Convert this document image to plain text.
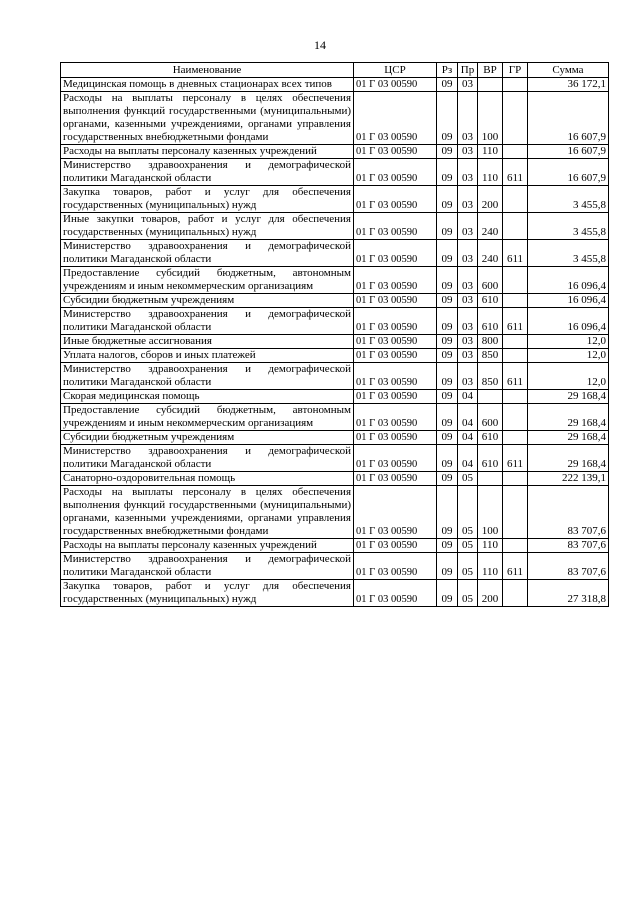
14
Наименование	ЦСР	Рз	Пр	ВР	ГР	Сумма
Медицинская помощь в дневных стационарах всех типов	01 Г 03 00590	09	03			36 172,1
Расходы на выплаты персоналу в целях обеспечения выполнения функций государственными (муниципальными) органами, казенными учреждениями, органами управления государственных внебюджетными фондами	01 Г 03 00590	09	03	100		16 607,9
Расходы на выплаты персоналу казенных учреждений	01 Г 03 00590	09	03	110		16 607,9
Министерство здравоохранения и демографической политики Магаданской области	01 Г 03 00590	09	03	110	611	16 607,9
Закупка товаров, работ и услуг для обеспечения государственных (муниципальных) нужд	01 Г 03 00590	09	03	200		3 455,8
Иные закупки товаров, работ и услуг для обеспечения государственных (муниципальных) нужд	01 Г 03 00590	09	03	240		3 455,8
Министерство здравоохранения и демографической политики Магаданской области	01 Г 03 00590	09	03	240	611	3 455,8
Предоставление субсидий бюджетным, автономным учреждениям и иным некоммерческим организациям	01 Г 03 00590	09	03	600		16 096,4
Субсидии бюджетным учреждениям	01 Г 03 00590	09	03	610		16 096,4
Министерство здравоохранения и демографической политики Магаданской области	01 Г 03 00590	09	03	610	611	16 096,4
Иные бюджетные ассигнования	01 Г 03 00590	09	03	800		12,0
Уплата налогов, сборов и иных платежей	01 Г 03 00590	09	03	850		12,0
Министерство здравоохранения и демографической политики Магаданской области	01 Г 03 00590	09	03	850	611	12,0
Скорая медицинская помощь	01 Г 03 00590	09	04			29 168,4
Предоставление субсидий бюджетным, автономным учреждениям и иным некоммерческим организациям	01 Г 03 00590	09	04	600		29 168,4
Субсидии бюджетным учреждениям	01 Г 03 00590	09	04	610		29 168,4
Министерство здравоохранения и демографической политики Магаданской области	01 Г 03 00590	09	04	610	611	29 168,4
Санаторно-оздоровительная помощь	01 Г 03 00590	09	05			222 139,1
Расходы на выплаты персоналу в целях обеспечения выполнения функций государственными (муниципальными) органами, казенными учреждениями, органами управления государственных внебюджетными фондами	01 Г 03 00590	09	05	100		83 707,6
Расходы на выплаты персоналу казенных учреждений	01 Г 03 00590	09	05	110		83 707,6
Министерство здравоохранения и демографической политики Магаданской области	01 Г 03 00590	09	05	110	611	83 707,6
Закупка товаров, работ и услуг для обеспечения государственных (муниципальных) нужд	01 Г 03 00590	09	05	200		27 318,8
